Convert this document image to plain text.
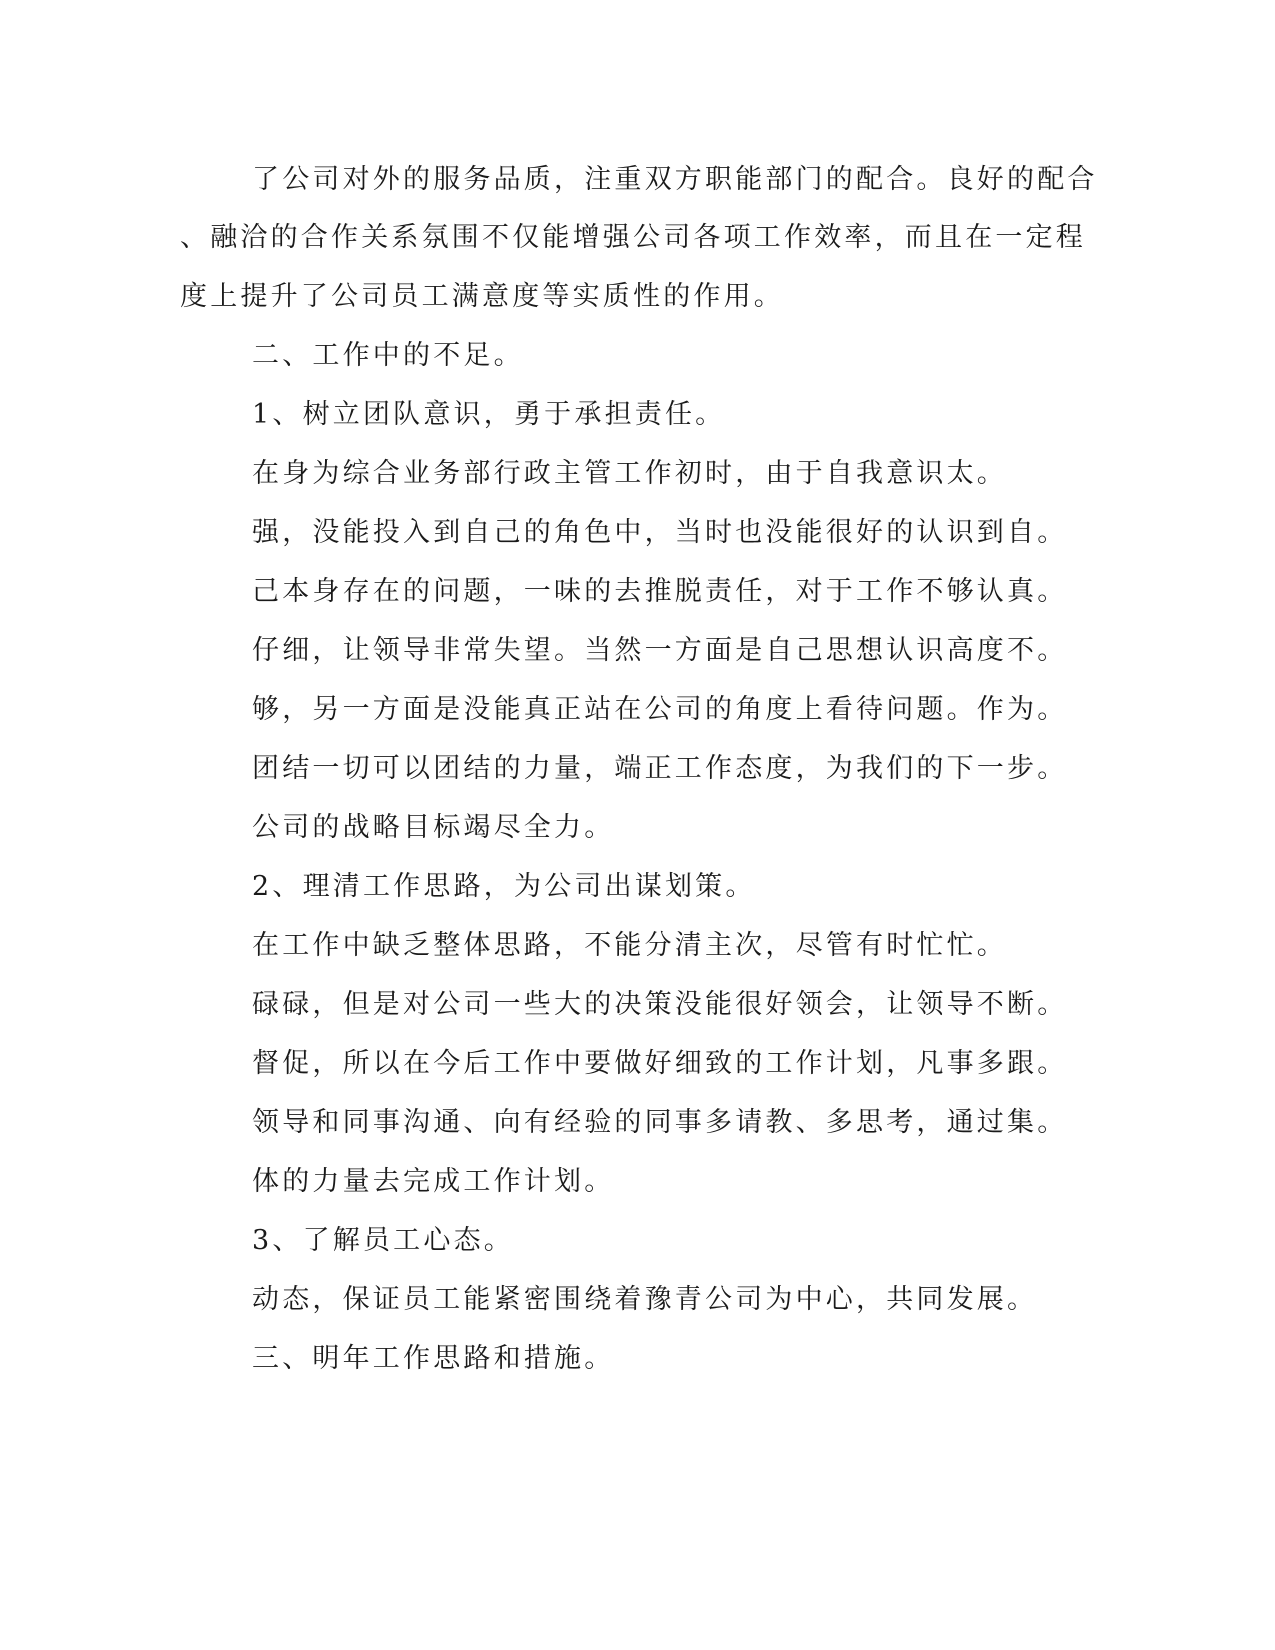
了公司对外的服务品质，注重双方职能部门的配合。良好的配合
、融洽的合作关系氛围不仅能增强公司各项工作效率，而且在一定程
度上提升了公司员工满意度等实质性的作用。
二、工作中的不足。
1、树立团队意识，勇于承担责任。
在身为综合业务部行政主管工作初时，由于自我意识太。
强，没能投入到自己的角色中，当时也没能很好的认识到自。
己本身存在的问题，一味的去推脱责任，对于工作不够认真。
仔细，让领导非常失望。当然一方面是自己思想认识高度不。
够，另一方面是没能真正站在公司的角度上看待问题。作为。
团结一切可以团结的力量，端正工作态度，为我们的下一步。
公司的战略目标竭尽全力。
2、理清工作思路，为公司出谋划策。
在工作中缺乏整体思路，不能分清主次，尽管有时忙忙。
碌碌，但是对公司一些大的决策没能很好领会，让领导不断。
督促，所以在今后工作中要做好细致的工作计划，凡事多跟。
领导和同事沟通、向有经验的同事多请教、多思考，通过集。
体的力量去完成工作计划。
3、了解员工心态。
动态，保证员工能紧密围绕着豫青公司为中心，共同发展。
三、明年工作思路和措施。
